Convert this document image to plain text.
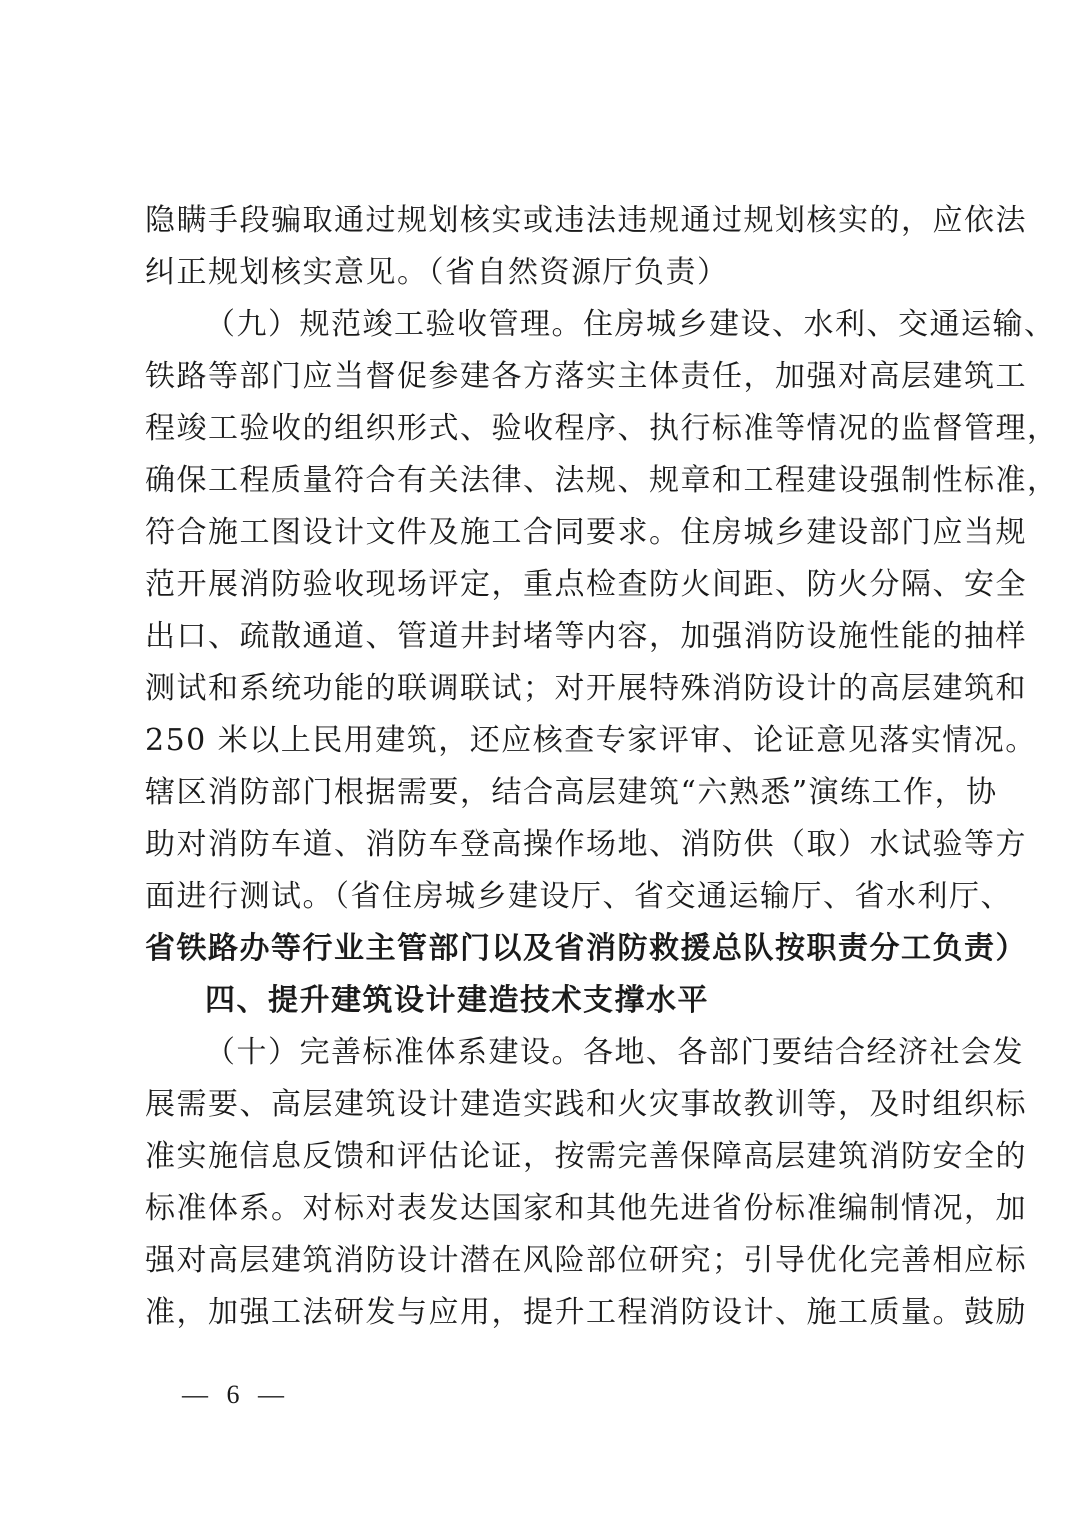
隐瞒手段骗取通过规划核实或违法违规通过规划核实的，应依法
纠正规划核实意见。（省自然资源厅负责）
（九）规范竣工验收管理。住房城乡建设、水利、交通运输、
铁路等部门应当督促参建各方落实主体责任，加强对高层建筑工
程竣工验收的组织形式、验收程序、执行标准等情况的监督管理，
确保工程质量符合有关法律、法规、规章和工程建设强制性标准，
符合施工图设计文件及施工合同要求。住房城乡建设部门应当规
范开展消防验收现场评定，重点检查防火间距、防火分隔、安全
出口、疏散通道、管道井封堵等内容，加强消防设施性能的抽样
测试和系统功能的联调联试；对开展特殊消防设计的高层建筑和
250 米以上民用建筑，还应核查专家评审、论证意见落实情况。
辖区消防部门根据需要，结合高层建筑“六熟悉”演练工作，协
助对消防车道、消防车登高操作场地、消防供（取）水试验等方
面进行测试。（省住房城乡建设厅、省交通运输厅、省水利厅、
省铁路办等行业主管部门以及省消防救援总队按职责分工负责）
四、提升建筑设计建造技术支撑水平
（十）完善标准体系建设。各地、各部门要结合经济社会发
展需要、高层建筑设计建造实践和火灾事故教训等，及时组织标
准实施信息反馈和评估论证，按需完善保障高层建筑消防安全的
标准体系。对标对表发达国家和其他先进省份标准编制情况，加
强对高层建筑消防设计潜在风险部位研究；引导优化完善相应标
准，加强工法研发与应用，提升工程消防设计、施工质量。鼓励
— 6 —
